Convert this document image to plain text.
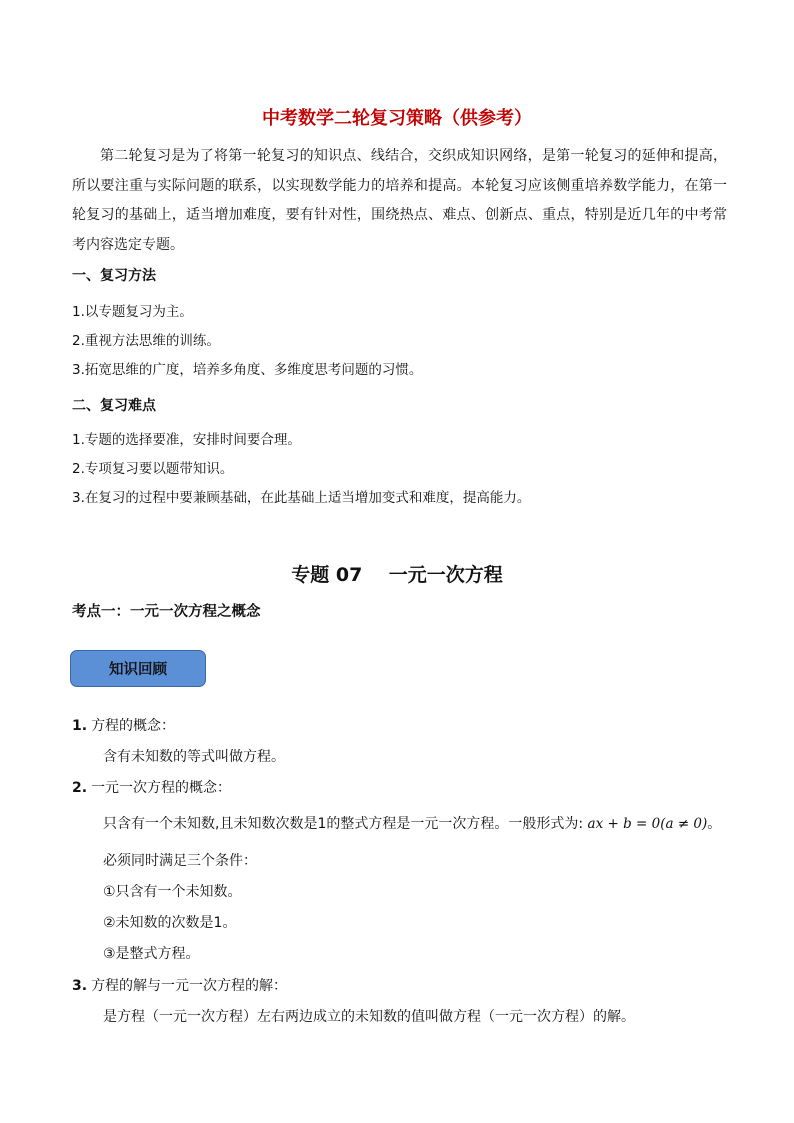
中考数学二轮复习策略（供参考）
第二轮复习是为了将第一轮复习的知识点、线结合，交织成知识网络，是第一轮复习的延伸和提高，所以要注重与实际问题的联系，以实现数学能力的培养和提高。本轮复习应该侧重培养数学能力，在第一轮复习的基础上，适当增加难度，要有针对性，围绕热点、难点、创新点、重点，特别是近几年的中考常考内容选定专题。
一、复习方法
1.以专题复习为主。
2.重视方法思维的训练。
3.拓宽思维的广度，培养多角度、多维度思考问题的习惯。
二、复习难点
1.专题的选择要准，安排时间要合理。
2.专项复习要以题带知识。
3.在复习的过程中要兼顾基础，在此基础上适当增加变式和难度，提高能力。
专题 07    一元一次方程
考点一：一元一次方程之概念
知识回顾
1. 方程的概念：
含有未知数的等式叫做方程。
2. 一元一次方程的概念：
只含有一个未知数,且未知数次数是1的整式方程是一元一次方程。一般形式为: ax + b = 0(a ≠ 0)。
必须同时满足三个条件：
①只含有一个未知数。
②未知数的次数是1。
③是整式方程。
3. 方程的解与一元一次方程的解：
是方程（一元一次方程）左右两边成立的未知数的值叫做方程（一元一次方程）的解。
